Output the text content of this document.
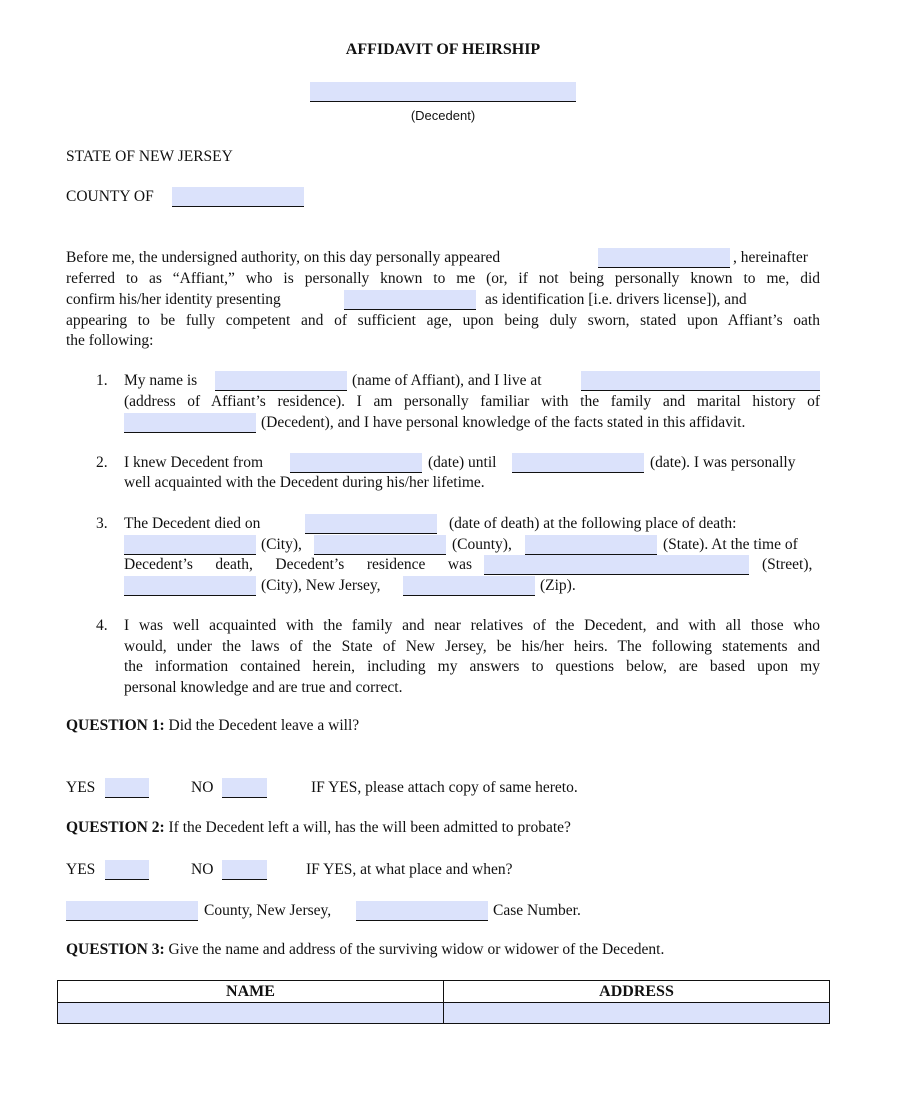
AFFIDAVIT OF HEIRSHIP
(Decedent)
STATE OF NEW JERSEY
COUNTY OF
Before me, the undersigned authority, on this day personally appeared	, hereinafter
referred to as “Affiant,” who is personally known to me (or, if not being personally known to me, did
confirm his/her identity presenting	as identification [i.e. drivers license]), and
appearing to be fully competent and of sufficient age, upon being duly sworn, stated upon Affiant’s oath
the following:
1. My name is	(name of Affiant), and I live at
(address of Affiant’s residence). I am personally familiar with the family and marital history of
(Decedent), and I have personal knowledge of the facts stated in this affidavit.
2. I knew Decedent from	(date) until	(date). I was personally
well acquainted with the Decedent during his/her lifetime.
3. The Decedent died on	(date of death) at the following place of death:
(City),	(County),	(State). At the time of
Decedent’s death, Decedent’s residence was	(Street),
(City), New Jersey,	(Zip).
4. I was well acquainted with the family and near relatives of the Decedent, and with all those who
would, under the laws of the State of New Jersey, be his/her heirs. The following statements and
the information contained herein, including my answers to questions below, are based upon my
personal knowledge and are true and correct.
QUESTION 1: Did the Decedent leave a will?
YES	NO	IF YES, please attach copy of same hereto.
QUESTION 2: If the Decedent left a will, has the will been admitted to probate?
YES	NO	IF YES, at what place and when?
County, New Jersey,	Case Number.
QUESTION 3: Give the name and address of the surviving widow or widower of the Decedent.
NAME	ADDRESS
